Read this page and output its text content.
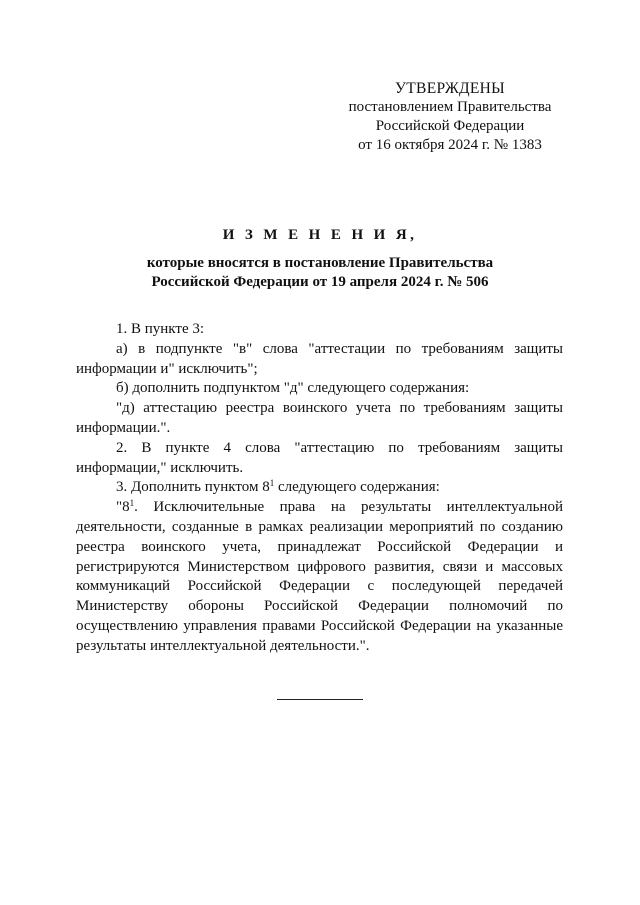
УТВЕРЖДЕНЫ
постановлением Правительства
Российской Федерации
от 16 октября 2024 г. № 1383
И З М Е Н Е Н И Я,
которые вносятся в постановление Правительства
Российской Федерации от 19 апреля 2024 г. № 506

1. В пункте 3:

а) в подпункте "в" слова "аттестации по требованиям защиты информации и" исключить";

б) дополнить подпунктом "д" следующего содержания:

"д) аттестацию реестра воинского учета по требованиям защиты информации.".

2. В пункте 4 слова "аттестацию по требованиям защиты информации," исключить.

3. Дополнить пунктом $8^1$ следующего содержания:

"$8^1$. Исключительные права на результаты интеллектуальной деятельности, созданные в рамках реализации мероприятий по созданию реестра воинского учета, принадлежат Российской Федерации и регистрируются Министерством цифрового развития, связи и массовых коммуникаций Российской Федерации с последующей передачей Министерству обороны Российской Федерации полномочий по осуществлению управления правами Российской Федерации на указанные результаты интеллектуальной деятельности.".
